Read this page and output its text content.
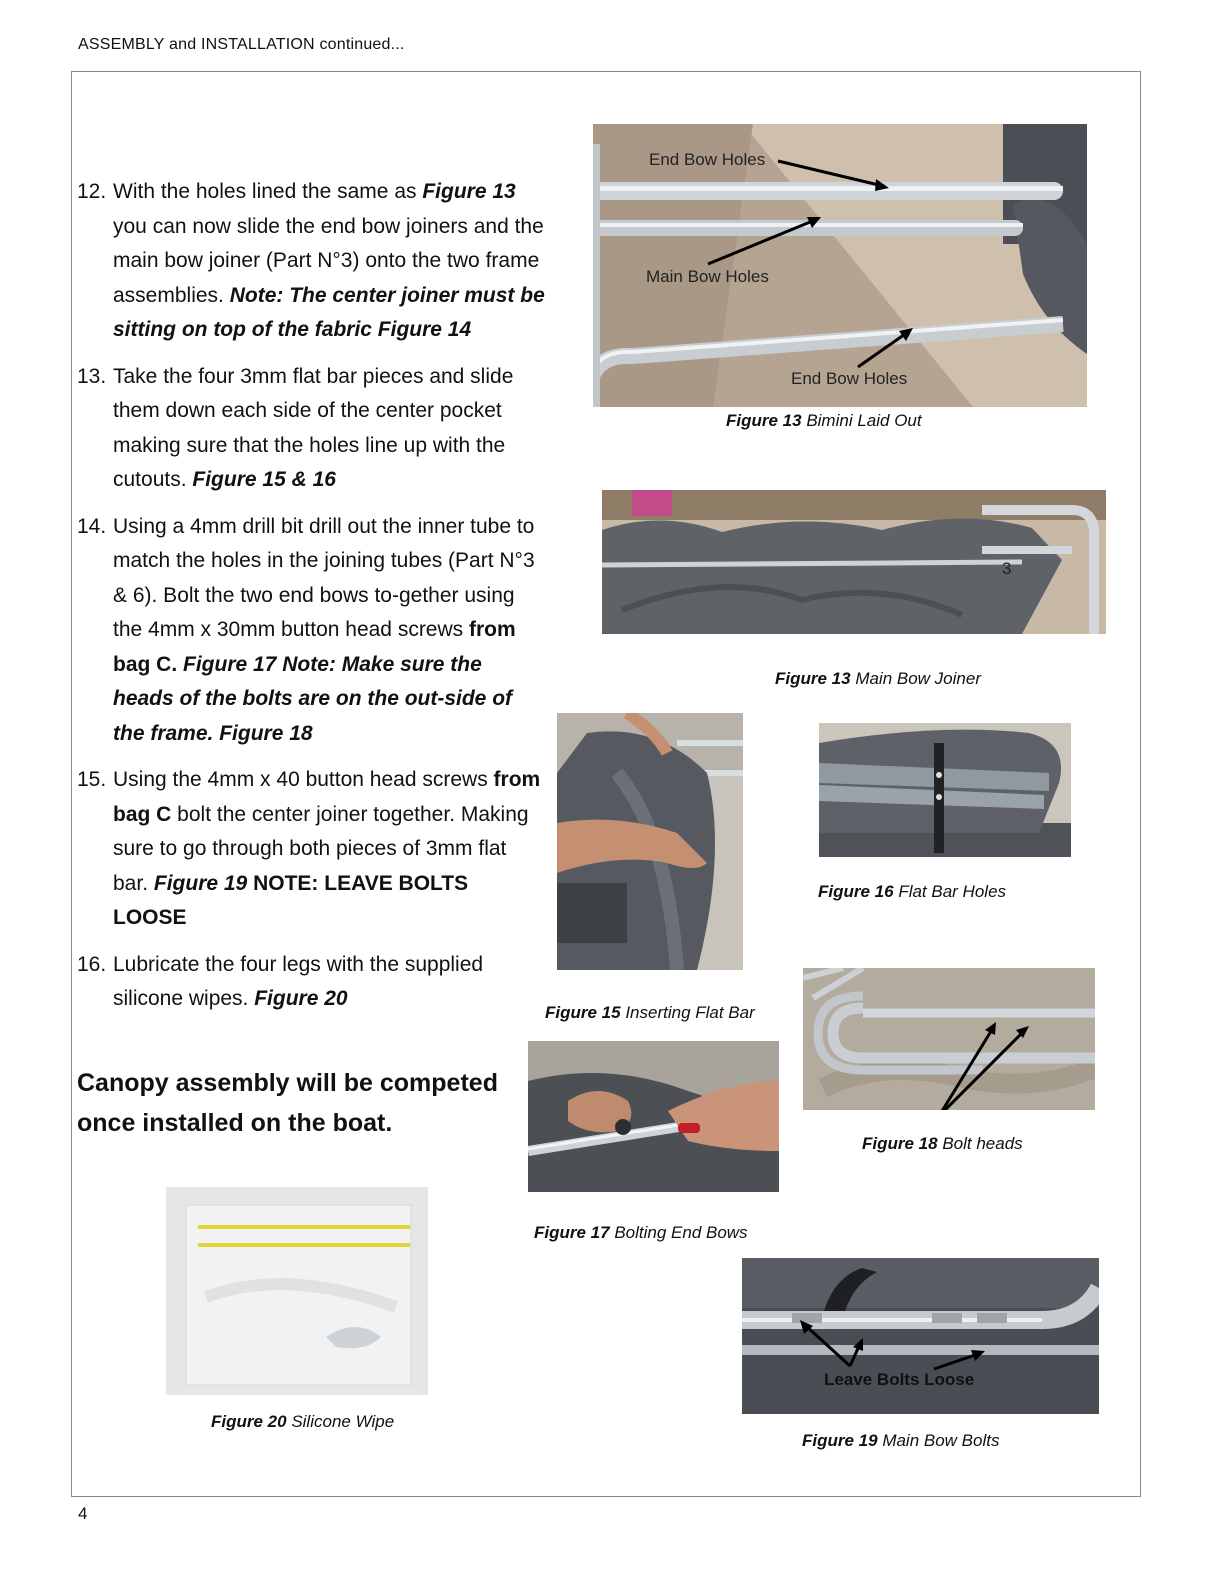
ASSEMBLY and INSTALLATION continued...
12. With the holes lined the same as Figure 13 you can now slide the end bow joiners and the main bow joiner (Part N°3) onto the two frame assemblies. Note: The center joiner must be sitting on top of the fabric Figure 14
13. Take the four 3mm flat bar pieces and slide them down each side of the center pocket making sure that the holes line up with the cutouts. Figure 15 & 16
14. Using a 4mm drill bit drill out the inner tube to match the holes in the joining tubes (Part N°3 & 6). Bolt the two end bows to-gether using the 4mm x 30mm button head screws from bag C. Figure 17 Note: Make sure the heads of the bolts are on the out-side of the frame. Figure 18
15. Using the 4mm x 40 button head screws from bag C bolt the center joiner together. Making sure to go through both pieces of 3mm flat bar. Figure 19 NOTE: LEAVE BOLTS LOOSE
16. Lubricate the four legs with the supplied silicone wipes. Figure 20
Canopy assembly will be competed once installed on the boat.
End Bow Holes
Main Bow Holes
End Bow Holes
Figure 13 Bimini Laid Out
3
Figure 13 Main Bow Joiner
Figure 15 Inserting Flat Bar
Figure 16 Flat Bar Holes
Figure 18 Bolt heads
Figure 17 Bolting End Bows
Leave Bolts Loose
Figure 19 Main Bow Bolts
Figure 20 Silicone Wipe
4
